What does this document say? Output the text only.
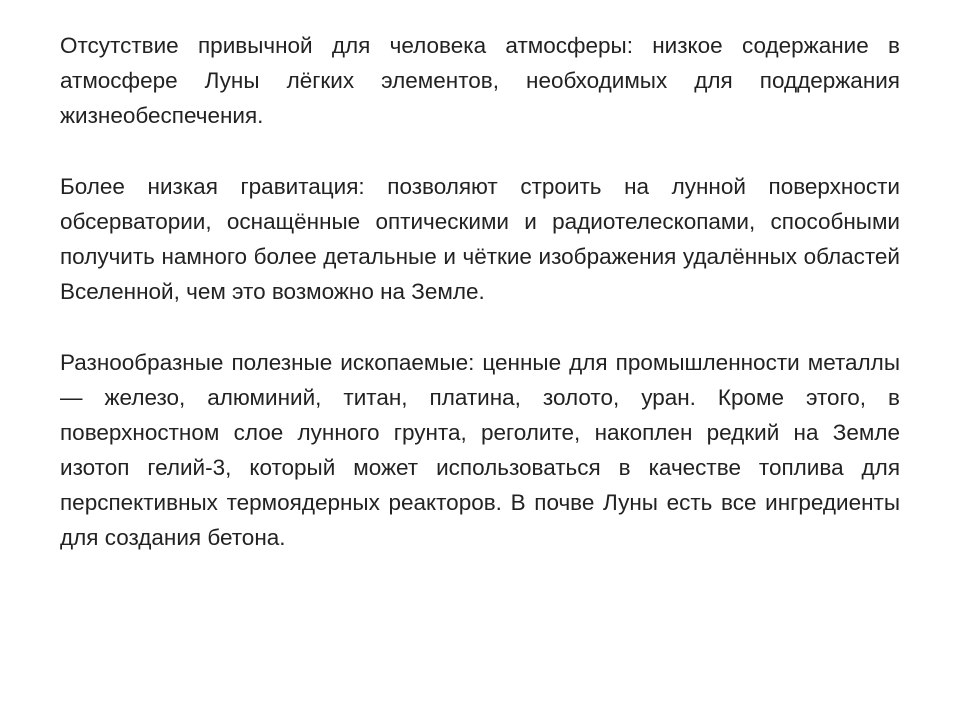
Отсутствие привычной для человека атмосферы: низкое содержание в атмосфере Луны лёгких элементов, необходимых для поддержания жизнеобеспечения.

Более низкая гравитация: позволяют строить на лунной поверхности обсерватории, оснащённые оптическими и радиотелескопами, способными получить намного более детальные и чёткие изображения удалённых областей Вселенной, чем это возможно на Земле.

Разнообразные полезные ископаемые: ценные для промышленности металлы — железо, алюминий, титан, платина, золото, уран. Кроме этого, в поверхностном слое лунного грунта, реголите, накоплен редкий на Земле изотоп гелий-3, который может использоваться в качестве топлива для перспективных термоядерных реакторов. В почве Луны есть все ингредиенты для создания бетона.
